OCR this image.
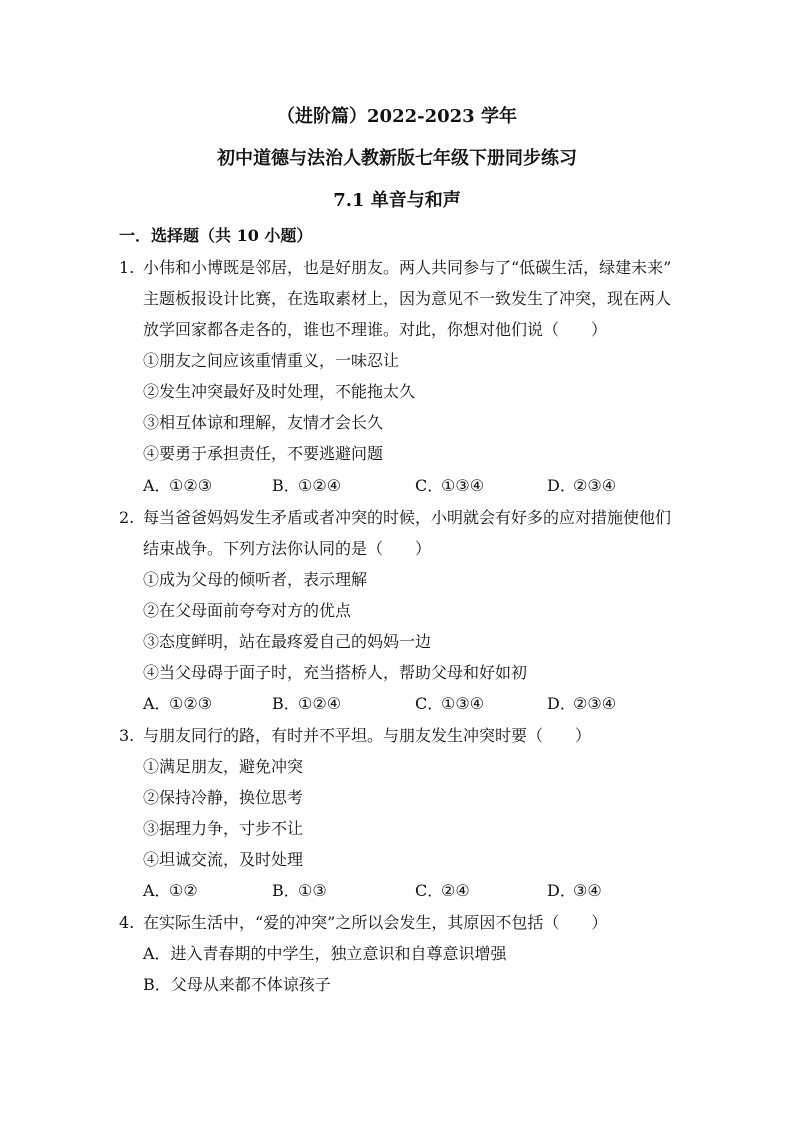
（进阶篇）2022-2023 学年
初中道德与法治人教新版七年级下册同步练习
7.1 单音与和声
一．选择题（共 10 小题）
1. 小伟和小博既是邻居，也是好朋友。两人共同参与了“低碳生活，绿建未来”
主题板报设计比赛，在选取素材上，因为意见不一致发生了冲突，现在两人
放学回家都各走各的，谁也不理谁。对此，你想对他们说（　　）
①朋友之间应该重情重义，一味忍让
②发生冲突最好及时处理，不能拖太久
③相互体谅和理解，友情才会长久
④要勇于承担责任，不要逃避问题
A．①②③	B．①②④	C．①③④	D．②③④
2. 每当爸爸妈妈发生矛盾或者冲突的时候，小明就会有好多的应对措施使他们
结束战争。下列方法你认同的是（　　）
①成为父母的倾听者，表示理解
②在父母面前夸夸对方的优点
③态度鲜明，站在最疼爱自己的妈妈一边
④当父母碍于面子时，充当搭桥人，帮助父母和好如初
A．①②③	B．①②④	C．①③④	D．②③④
3. 与朋友同行的路，有时并不平坦。与朋友发生冲突时要（　　）
①满足朋友，避免冲突
②保持冷静，换位思考
③据理力争，寸步不让
④坦诚交流，及时处理
A．①②	B．①③	C．②④	D．③④
4. 在实际生活中，“爱的冲突”之所以会发生，其原因不包括（　　）
A．进入青春期的中学生，独立意识和自尊意识增强
B．父母从来都不体谅孩子
